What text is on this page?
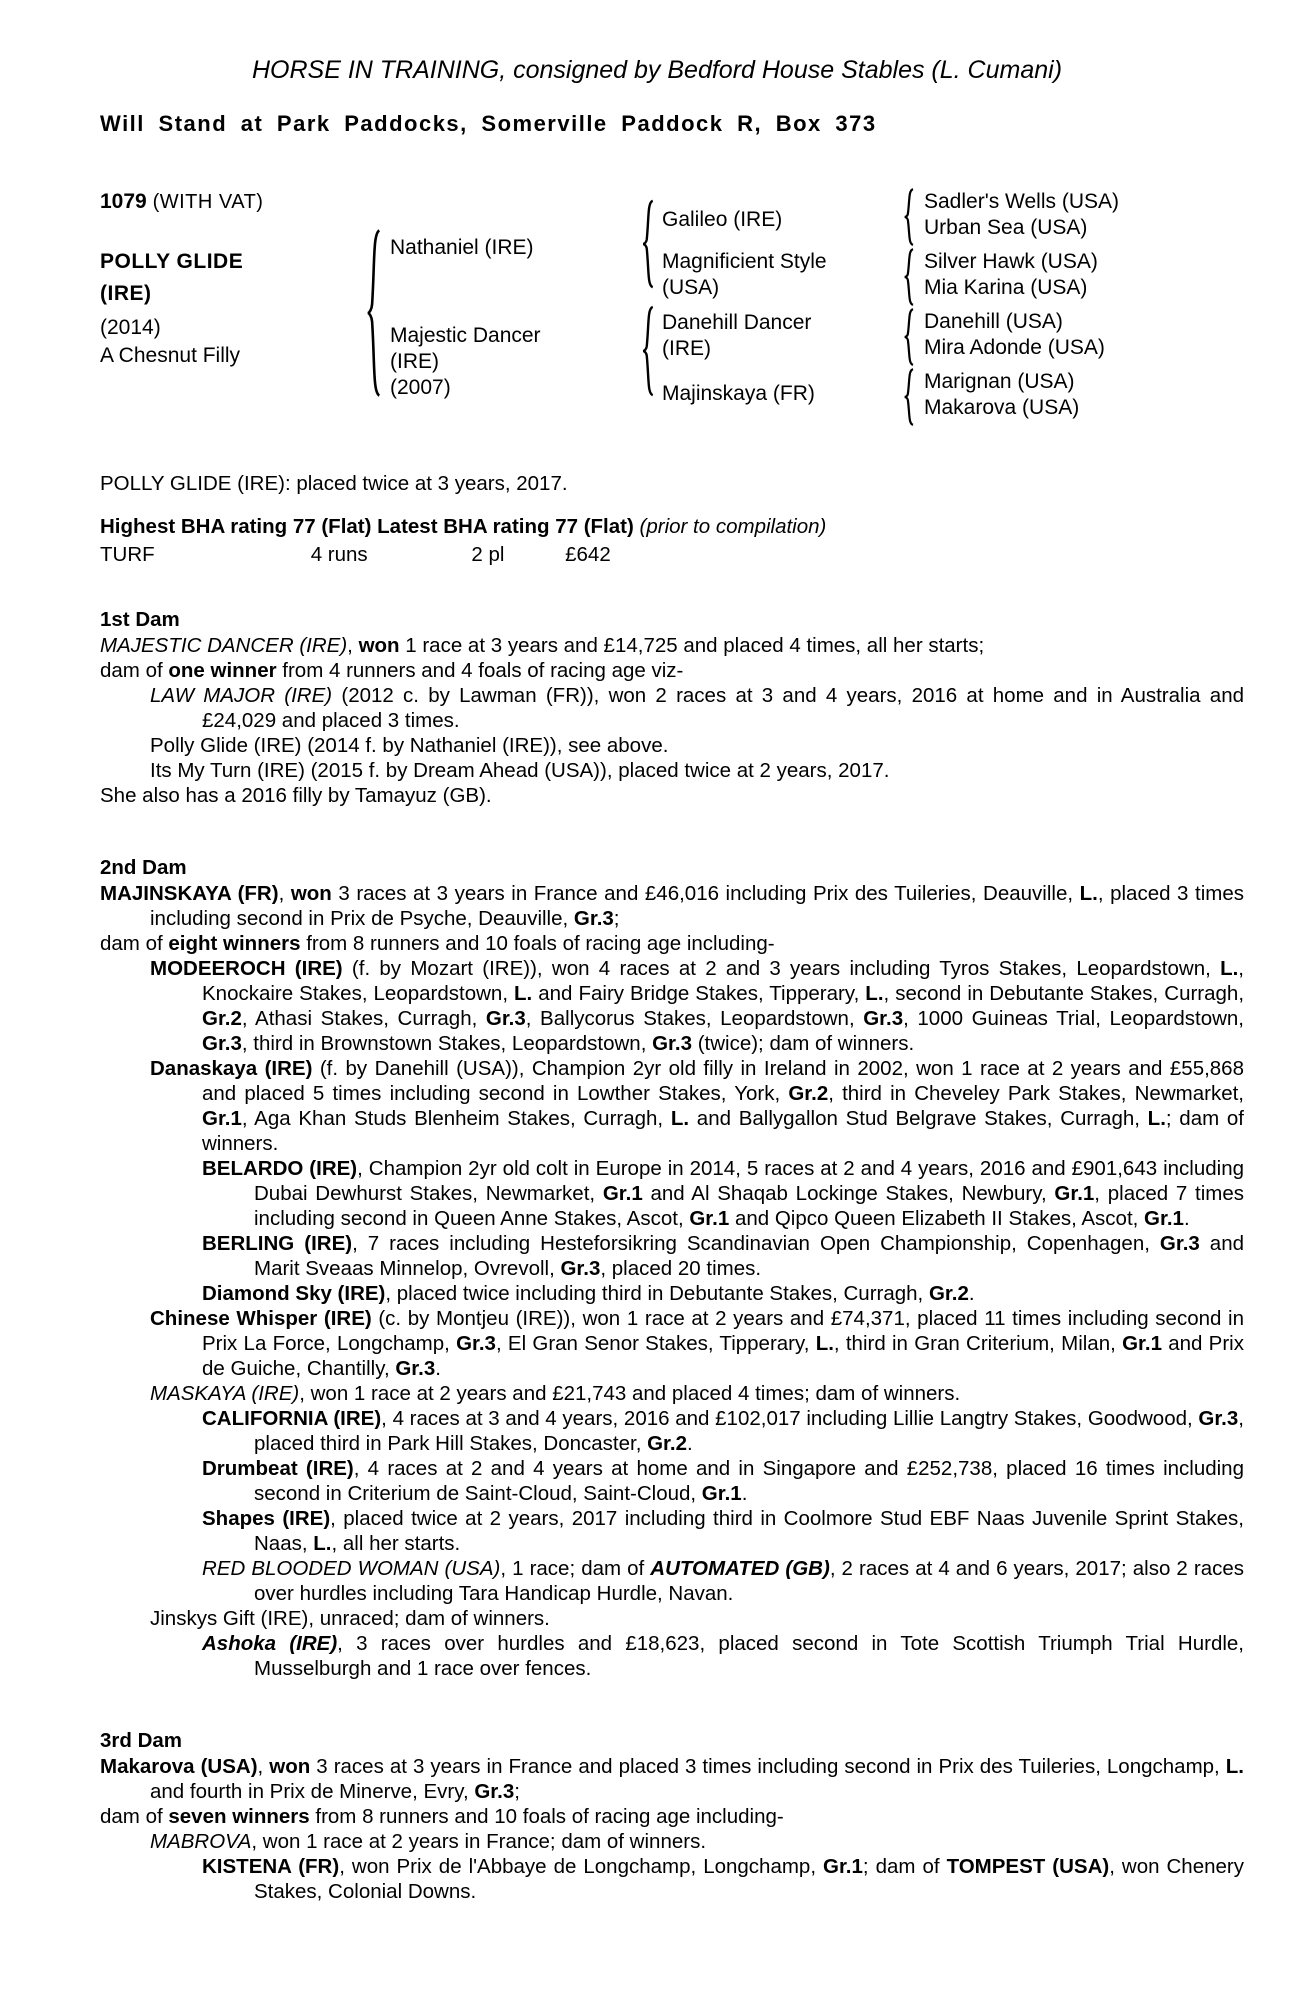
HORSE IN TRAINING, consigned by Bedford House Stables (L. Cumani)
Will Stand at Park Paddocks, Somerville Paddock R, Box 373
1079 (WITH VAT)
POLLY GLIDE
(IRE)
(2014)
A Chesnut Filly
Nathaniel (IRE)
Majestic Dancer
(IRE)
(2007)
Galileo (IRE)
Magnificient Style
(USA)
Danehill Dancer
(IRE)
Majinskaya (FR)
Sadler's Wells (USA)
Urban Sea (USA)
Silver Hawk (USA)
Mia Karina (USA)
Danehill (USA)
Mira Adonde (USA)
Marignan (USA)
Makarova (USA)
POLLY GLIDE (IRE): placed twice at 3 years, 2017.
Highest BHA rating 77 (Flat) Latest BHA rating 77 (Flat) (prior to compilation)
TURF	4 runs	2 pl	£642
1st Dam
MAJESTIC DANCER (IRE), won 1 race at 3 years and £14,725 and placed 4 times, all her starts;
dam of one winner from 4 runners and 4 foals of racing age viz-
LAW MAJOR (IRE) (2012 c. by Lawman (FR)), won 2 races at 3 and 4 years, 2016 at home and in Australia and £24,029 and placed 3 times.
Polly Glide (IRE) (2014 f. by Nathaniel (IRE)), see above.
Its My Turn (IRE) (2015 f. by Dream Ahead (USA)), placed twice at 2 years, 2017.
She also has a 2016 filly by Tamayuz (GB).
2nd Dam
MAJINSKAYA (FR), won 3 races at 3 years in France and £46,016 including Prix des Tuileries, Deauville, L., placed 3 times including second in Prix de Psyche, Deauville, Gr.3;
dam of eight winners from 8 runners and 10 foals of racing age including-
MODEEROCH (IRE) (f. by Mozart (IRE)), won 4 races at 2 and 3 years including Tyros Stakes, Leopardstown, L., Knockaire Stakes, Leopardstown, L. and Fairy Bridge Stakes, Tipperary, L., second in Debutante Stakes, Curragh, Gr.2, Athasi Stakes, Curragh, Gr.3, Ballycorus Stakes, Leopardstown, Gr.3, 1000 Guineas Trial, Leopardstown, Gr.3, third in Brownstown Stakes, Leopardstown, Gr.3 (twice); dam of winners.
Danaskaya (IRE) (f. by Danehill (USA)), Champion 2yr old filly in Ireland in 2002, won 1 race at 2 years and £55,868 and placed 5 times including second in Lowther Stakes, York, Gr.2, third in Cheveley Park Stakes, Newmarket, Gr.1, Aga Khan Studs Blenheim Stakes, Curragh, L. and Ballygallon Stud Belgrave Stakes, Curragh, L.; dam of winners.
BELARDO (IRE), Champion 2yr old colt in Europe in 2014, 5 races at 2 and 4 years, 2016 and £901,643 including Dubai Dewhurst Stakes, Newmarket, Gr.1 and Al Shaqab Lockinge Stakes, Newbury, Gr.1, placed 7 times including second in Queen Anne Stakes, Ascot, Gr.1 and Qipco Queen Elizabeth II Stakes, Ascot, Gr.1.
BERLING (IRE), 7 races including Hesteforsikring Scandinavian Open Championship, Copenhagen, Gr.3 and Marit Sveaas Minnelop, Ovrevoll, Gr.3, placed 20 times.
Diamond Sky (IRE), placed twice including third in Debutante Stakes, Curragh, Gr.2.
Chinese Whisper (IRE) (c. by Montjeu (IRE)), won 1 race at 2 years and £74,371, placed 11 times including second in Prix La Force, Longchamp, Gr.3, El Gran Senor Stakes, Tipperary, L., third in Gran Criterium, Milan, Gr.1 and Prix de Guiche, Chantilly, Gr.3.
MASKAYA (IRE), won 1 race at 2 years and £21,743 and placed 4 times; dam of winners.
CALIFORNIA (IRE), 4 races at 3 and 4 years, 2016 and £102,017 including Lillie Langtry Stakes, Goodwood, Gr.3, placed third in Park Hill Stakes, Doncaster, Gr.2.
Drumbeat (IRE), 4 races at 2 and 4 years at home and in Singapore and £252,738, placed 16 times including second in Criterium de Saint-Cloud, Saint-Cloud, Gr.1.
Shapes (IRE), placed twice at 2 years, 2017 including third in Coolmore Stud EBF Naas Juvenile Sprint Stakes, Naas, L., all her starts.
RED BLOODED WOMAN (USA), 1 race; dam of AUTOMATED (GB), 2 races at 4 and 6 years, 2017; also 2 races over hurdles including Tara Handicap Hurdle, Navan.
Jinskys Gift (IRE), unraced; dam of winners.
Ashoka (IRE), 3 races over hurdles and £18,623, placed second in Tote Scottish Triumph Trial Hurdle, Musselburgh and 1 race over fences.
3rd Dam
Makarova (USA), won 3 races at 3 years in France and placed 3 times including second in Prix des Tuileries, Longchamp, L. and fourth in Prix de Minerve, Evry, Gr.3;
dam of seven winners from 8 runners and 10 foals of racing age including-
MABROVA, won 1 race at 2 years in France; dam of winners.
KISTENA (FR), won Prix de l'Abbaye de Longchamp, Longchamp, Gr.1; dam of TOMPEST (USA), won Chenery Stakes, Colonial Downs.
